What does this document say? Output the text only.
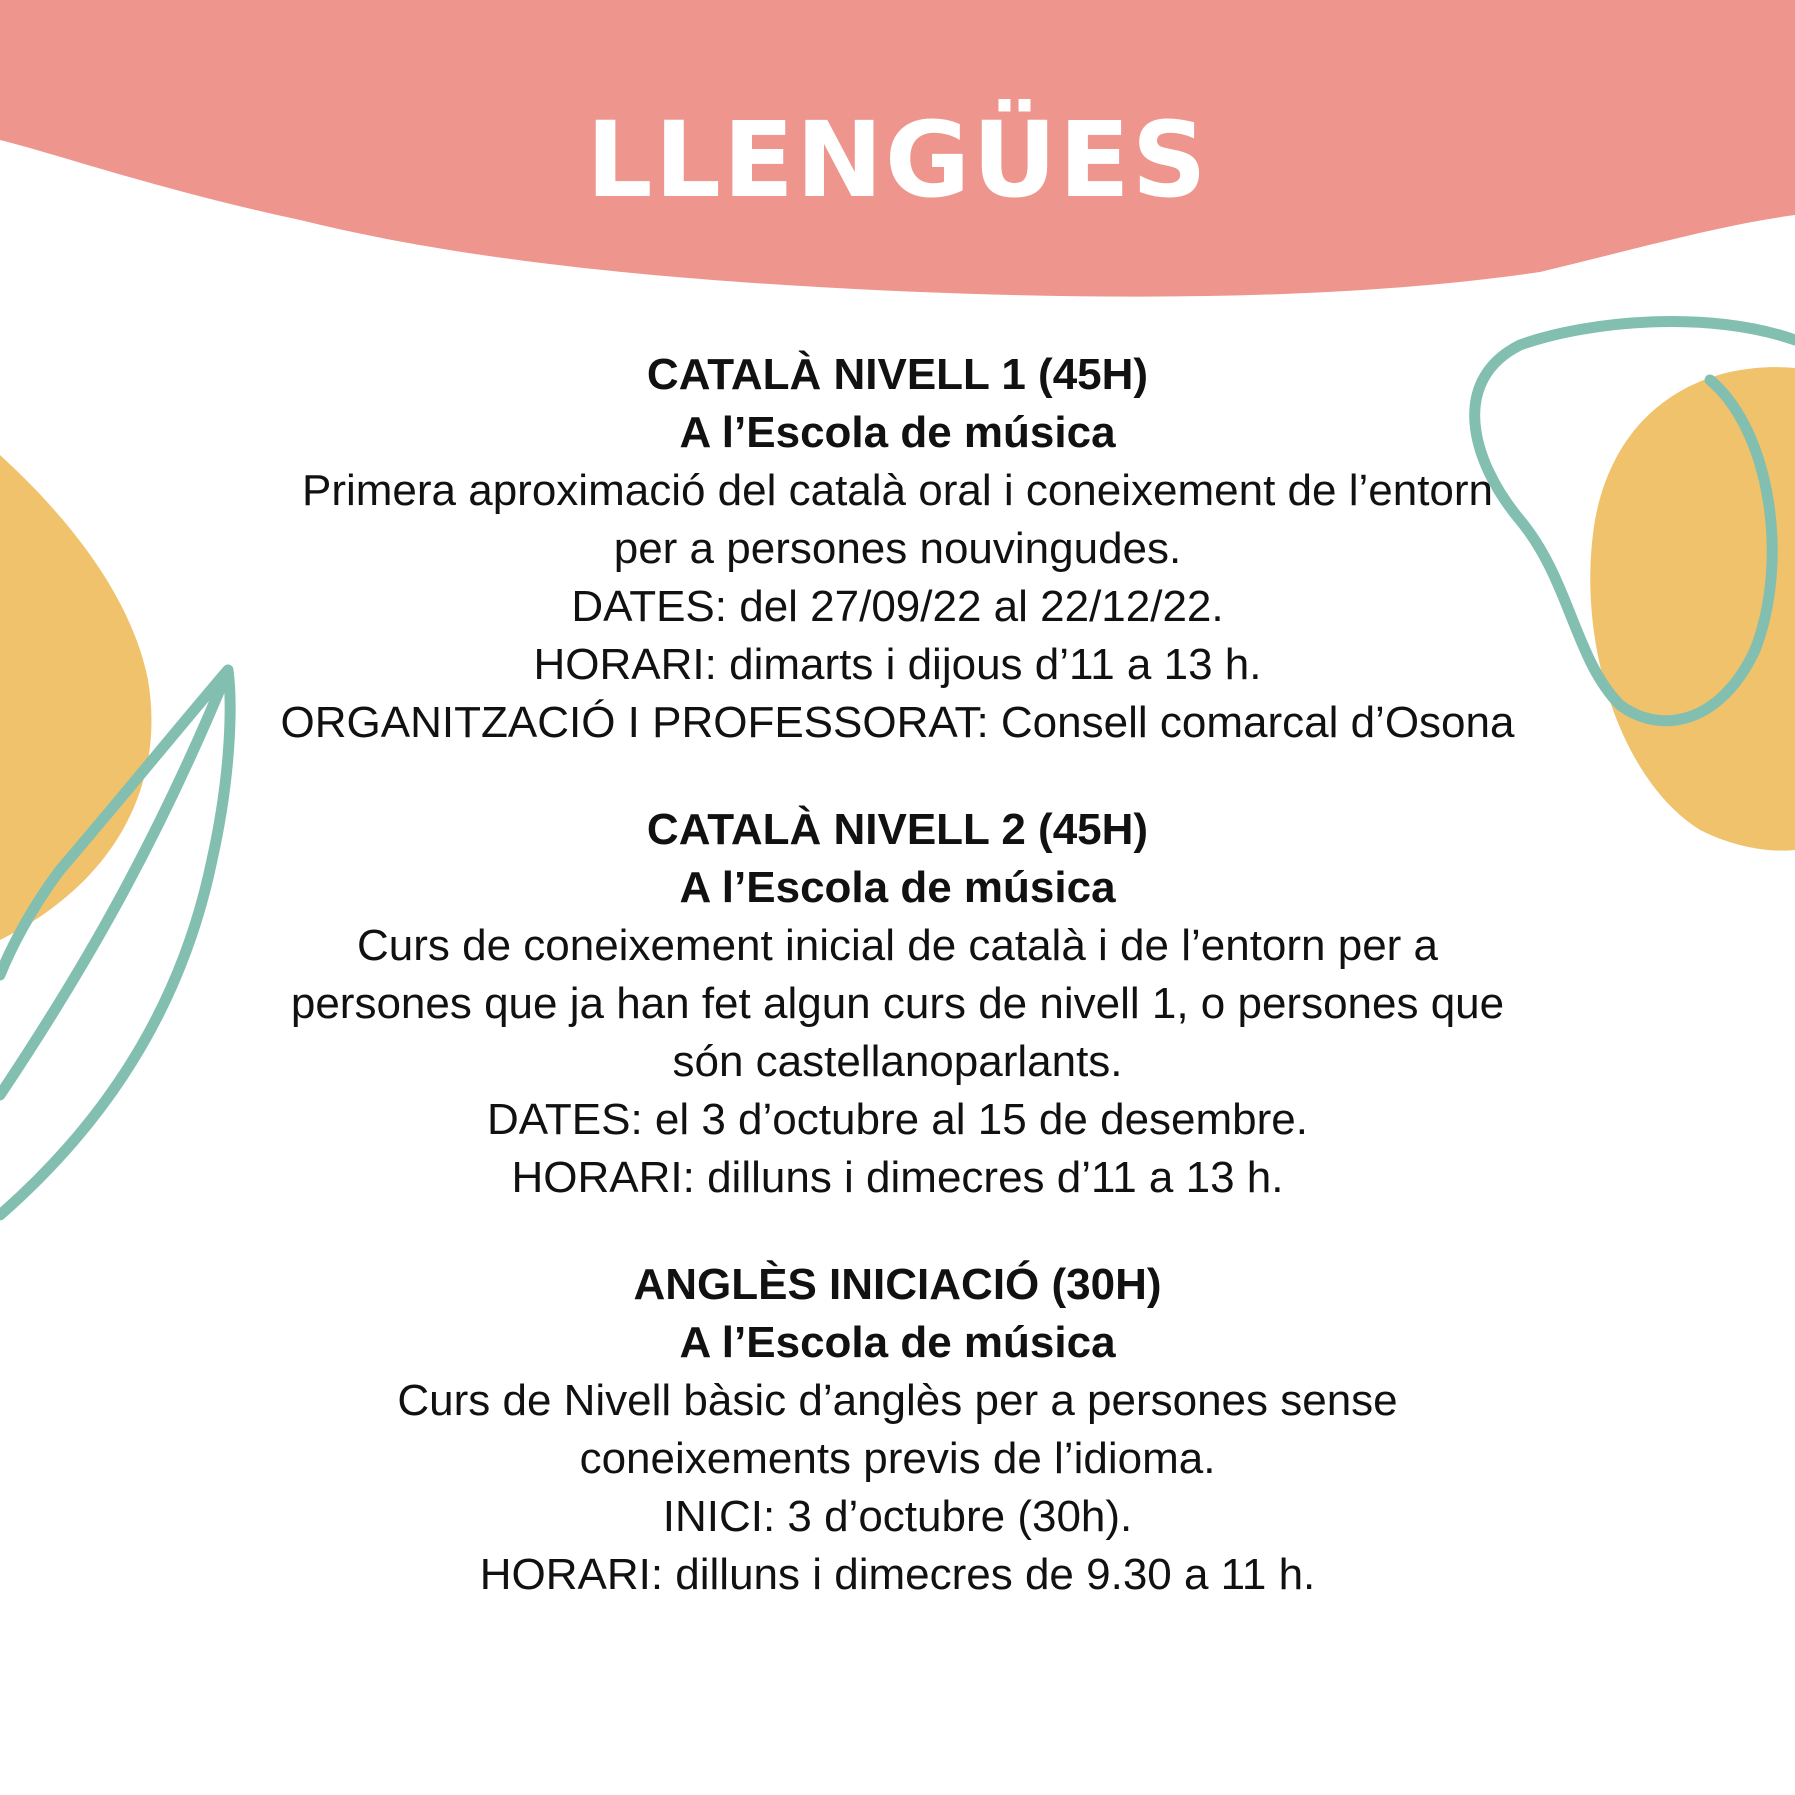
LLENGÜES
CATALÀ NIVELL 1 (45H)
A l’Escola de música

Primera aproximació del català oral i coneixement de l’entorn

per a persones nouvingudes.

DATES: del 27/09/22 al 22/12/22.

HORARI: dimarts i dijous d’11 a 13 h.

ORGANITZACIÓ I PROFESSORAT: Consell comarcal d’Osona

CATALÀ NIVELL 2 (45H)
A l’Escola de música

Curs de coneixement inicial de català i de l’entorn per a

persones que ja han fet algun curs de nivell 1, o persones que

són castellanoparlants.

DATES: el 3 d’octubre al 15 de desembre.

HORARI: dilluns i dimecres d’11 a 13 h.

ANGLÈS INICIACIÓ (30H)
A l’Escola de música

Curs de Nivell bàsic d’anglès per a persones sense

coneixements previs de l’idioma.

INICI: 3 d’octubre (30h).

HORARI: dilluns i dimecres de 9.30 a 11 h.
